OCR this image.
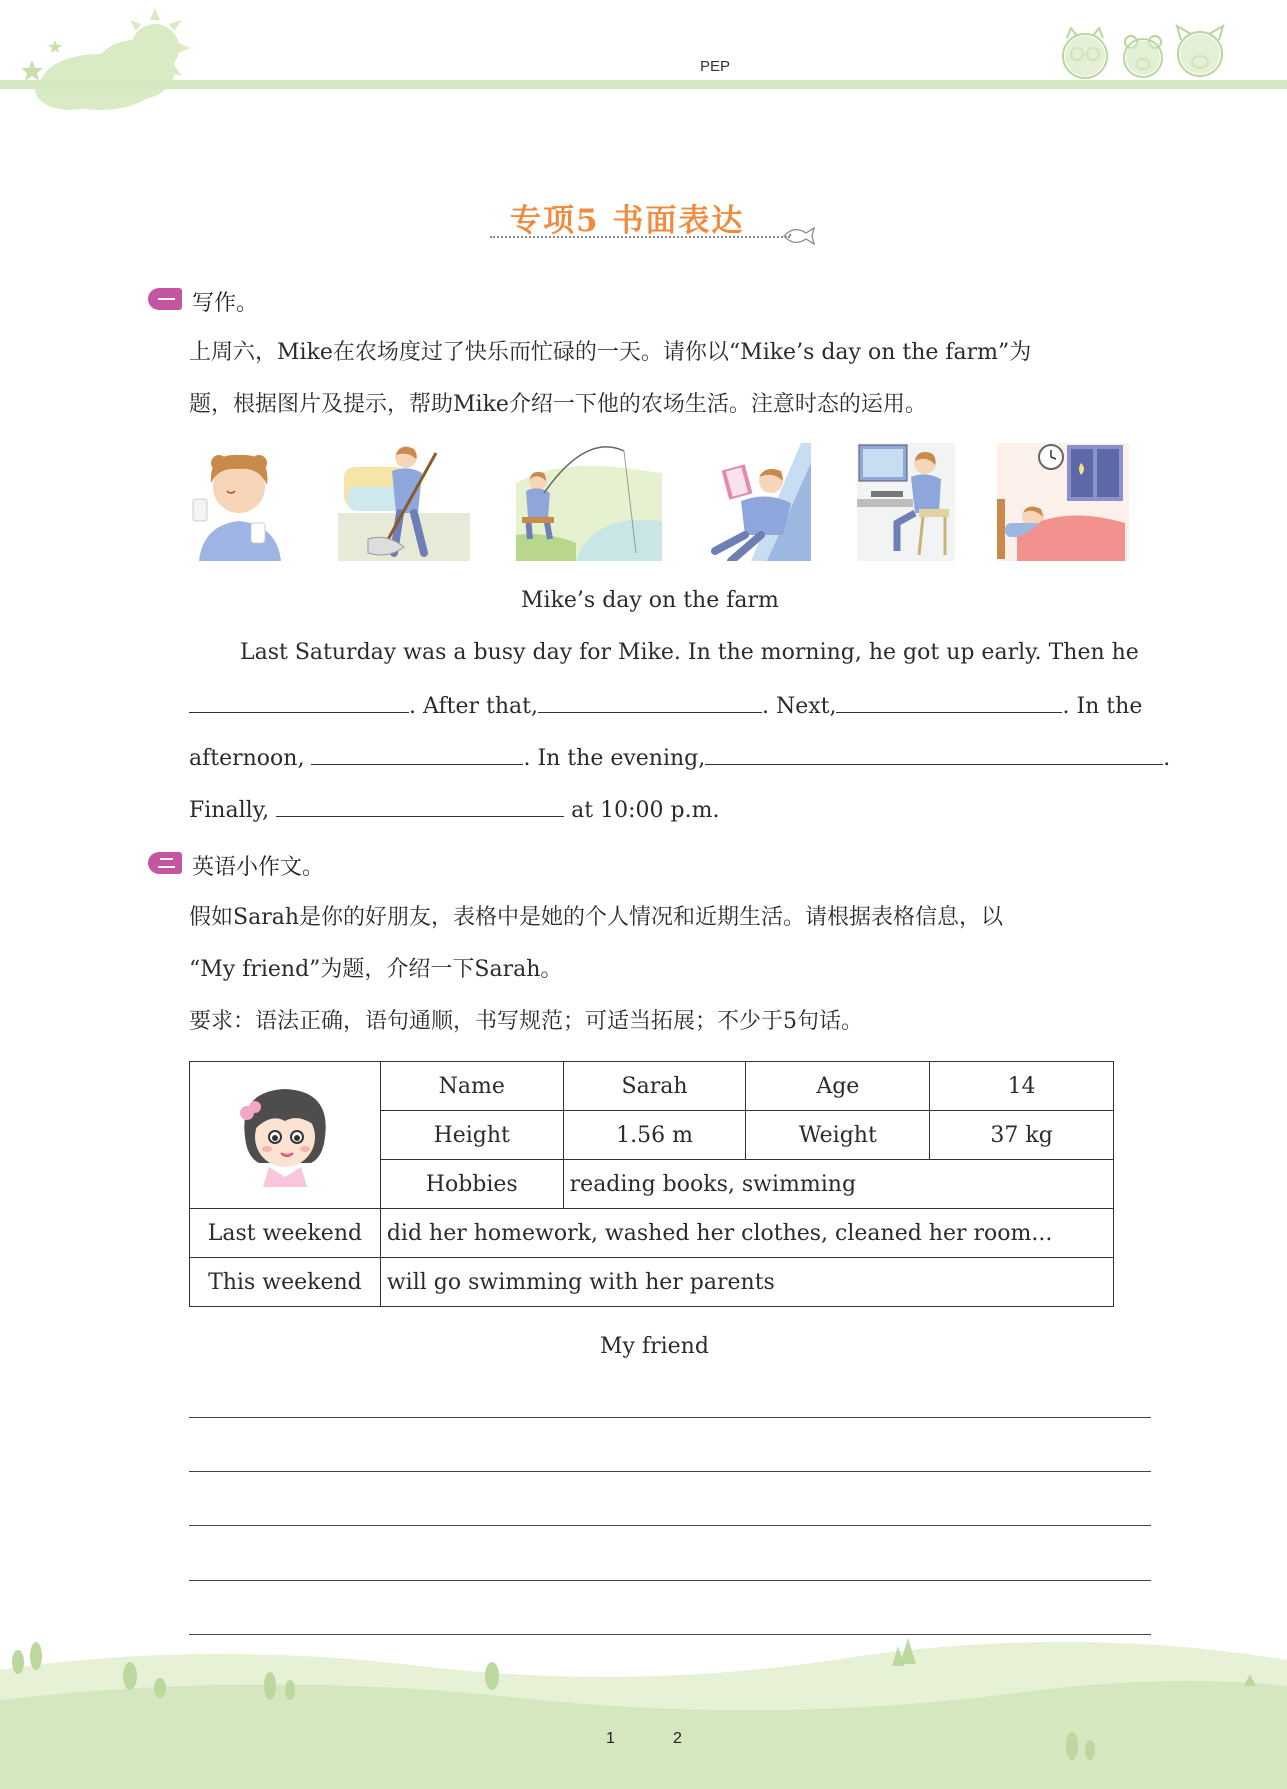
PEP
专项5 书面表达
写作。
上周六，Mike在农场度过了快乐而忙碌的一天。请你以“Mike’s day on the farm”为
题，根据图片及提示，帮助Mike介绍一下他的农场生活。注意时态的运用。
Mike’s day on the farm
Last Saturday was a busy day for Mike. In the morning, he got up early. Then he
. After that,	. Next,	. In the
afternoon,	. In the evening,	.
Finally,	at 10:00 p.m.
英语小作文。
假如Sarah是你的好朋友，表格中是她的个人情况和近期生活。请根据表格信息，以
“My friend”为题，介绍一下Sarah。
要求：语法正确，语句通顺，书写规范；可适当拓展；不少于5句话。
	Name	Sarah	Age	14
	Height	1.56 m	Weight	37 kg
	Hobbies	reading books, swimming		
Last weekend	did her homework, washed her clothes, cleaned her room...			
This weekend	will go swimming with her parents			
My friend
1	2
